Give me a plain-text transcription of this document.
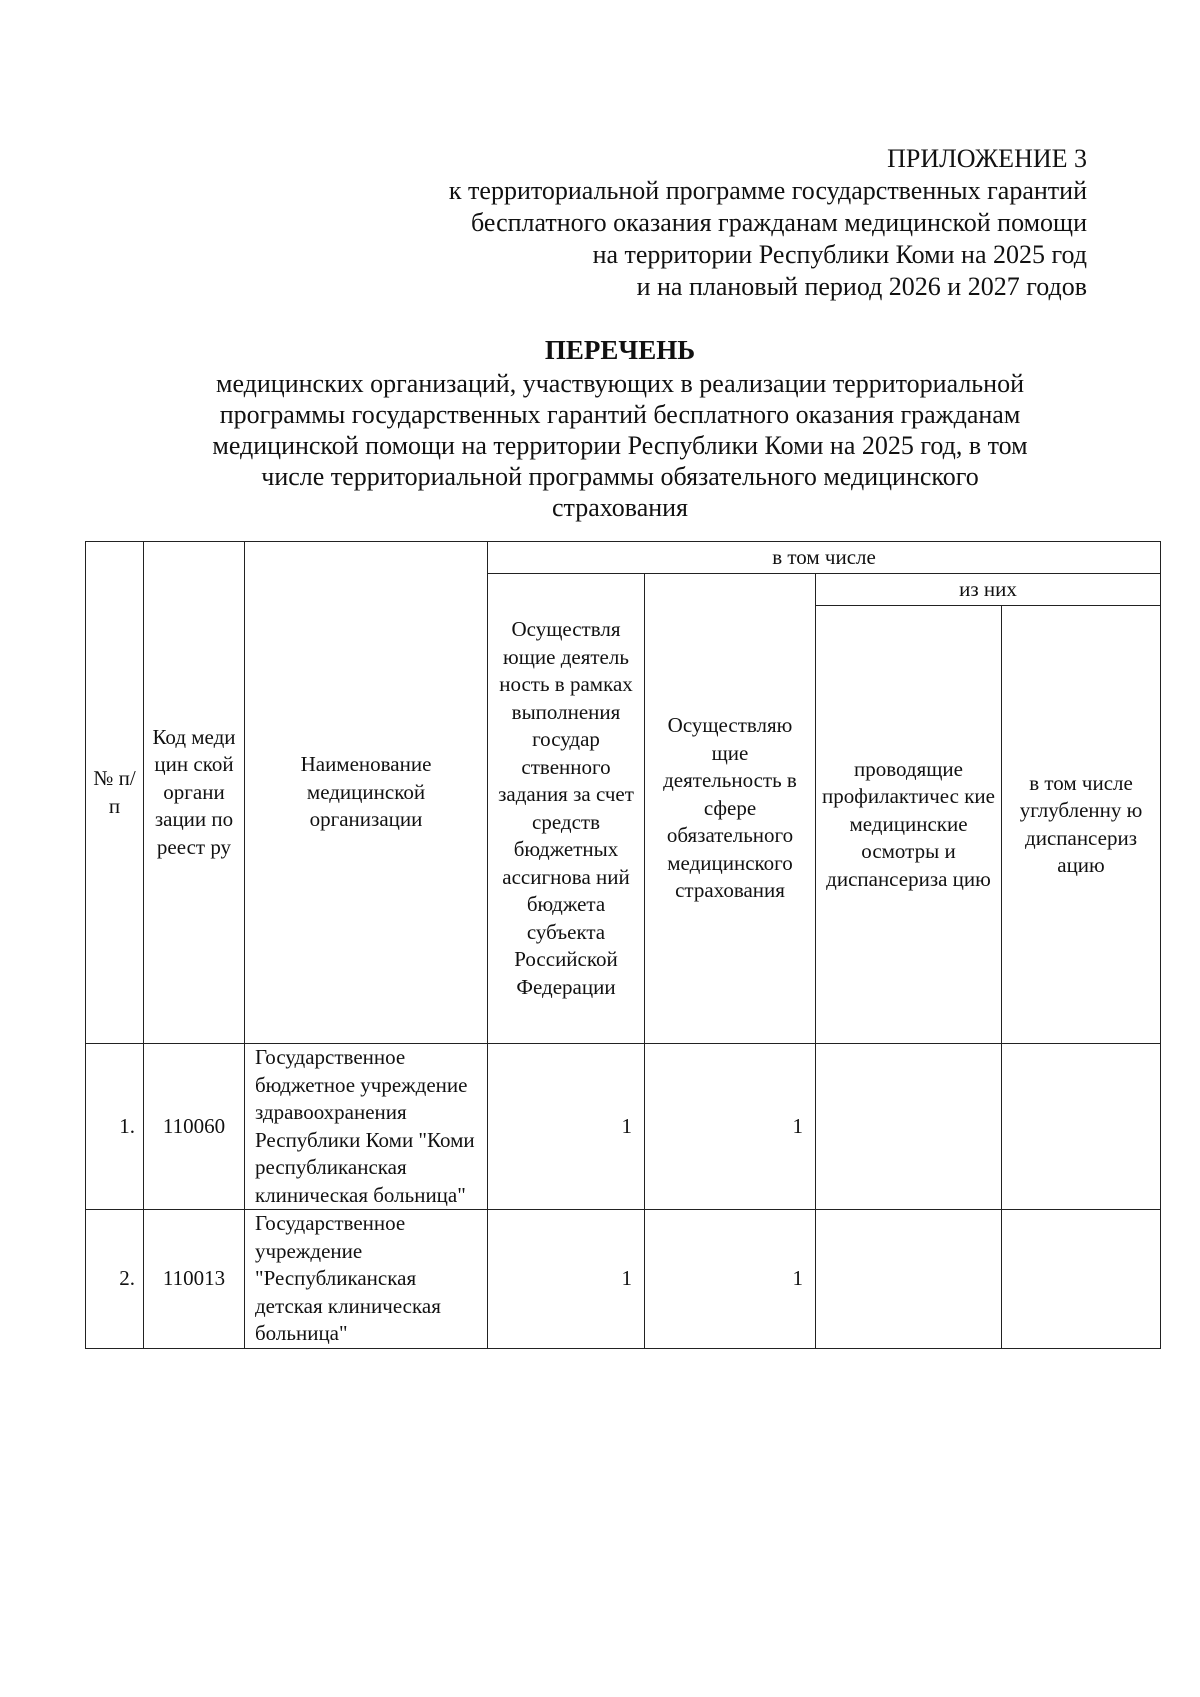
ПРИЛОЖЕНИЕ 3
к территориальной программе государственных гарантий
бесплатного оказания гражданам медицинской помощи
на территории Республики Коми на 2025 год
и на плановый период 2026 и 2027 годов
ПЕРЕЧЕНЬ
медицинских организаций, участвующих в реализации территориальной
программы государственных гарантий бесплатного оказания гражданам
медицинской помощи на территории Республики Коми на 2025 год, в том
числе территориальной программы обязательного медицинского
страхования
№ п/п	Код меди цин ской органи зации по реест ру	Наименование медицинской организации	в том числе			
			Осуществля ющие деятель ность в рамках выполнения государ ственного задания за счет средств бюджетных ассигнова ний бюджета субъекта Российской Федерации	Осуществляю щие деятельность в сфере обязательного медицинского страхования	из них	
					проводящие профилактичес кие медицинские осмотры и диспансериза цию	в том числе углубленну ю диспансериз ацию
1.	110060	Государственное бюджетное учреждение здравоохранения Республики Коми "Коми республиканская клиническая больница"	1	1		
2.	110013	Государственное учреждение "Республиканская детская клиническая больница"	1	1		
